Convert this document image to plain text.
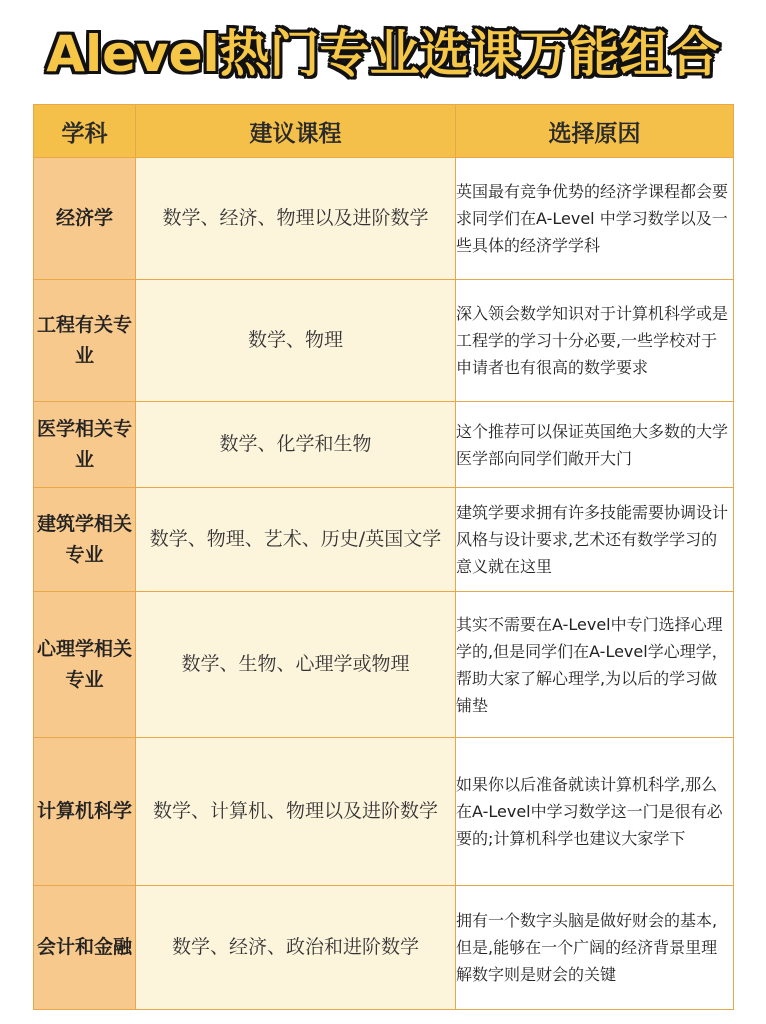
Alevel热门专业选课万能组合
学科	建议课程	选择原因
经济学	数学、经济、物理以及进阶数学	英国最有竞争优势的经济学课程都会要求同学们在A-Level 中学习数学以及一些具体的经济学学科
工程有关专业	数学、物理	深入领会数学知识对于计算机科学或是工程学的学习十分必要,一些学校对于申请者也有很高的数学要求
医学相关专业	数学、化学和生物	这个推荐可以保证英国绝大多数的大学医学部向同学们敞开大门
建筑学相关专业	数学、物理、艺术、历史/英国文学	建筑学要求拥有许多技能需要协调设计风格与设计要求,艺术还有数学学习的意义就在这里
心理学相关专业	数学、生物、心理学或物理	其实不需要在A-Level中专门选择心理学的,但是同学们在A-Level学心理学，帮助大家了解心理学,为以后的学习做铺垫
计算机科学	数学、计算机、物理以及进阶数学	如果你以后准备就读计算机科学,那么在A-Level中学习数学这一门是很有必要的;计算机科学也建议大家学下
会计和金融	数学、经济、政治和进阶数学	拥有一个数字头脑是做好财会的基本,但是,能够在一个广阔的经济背景里理解数字则是财会的关键
